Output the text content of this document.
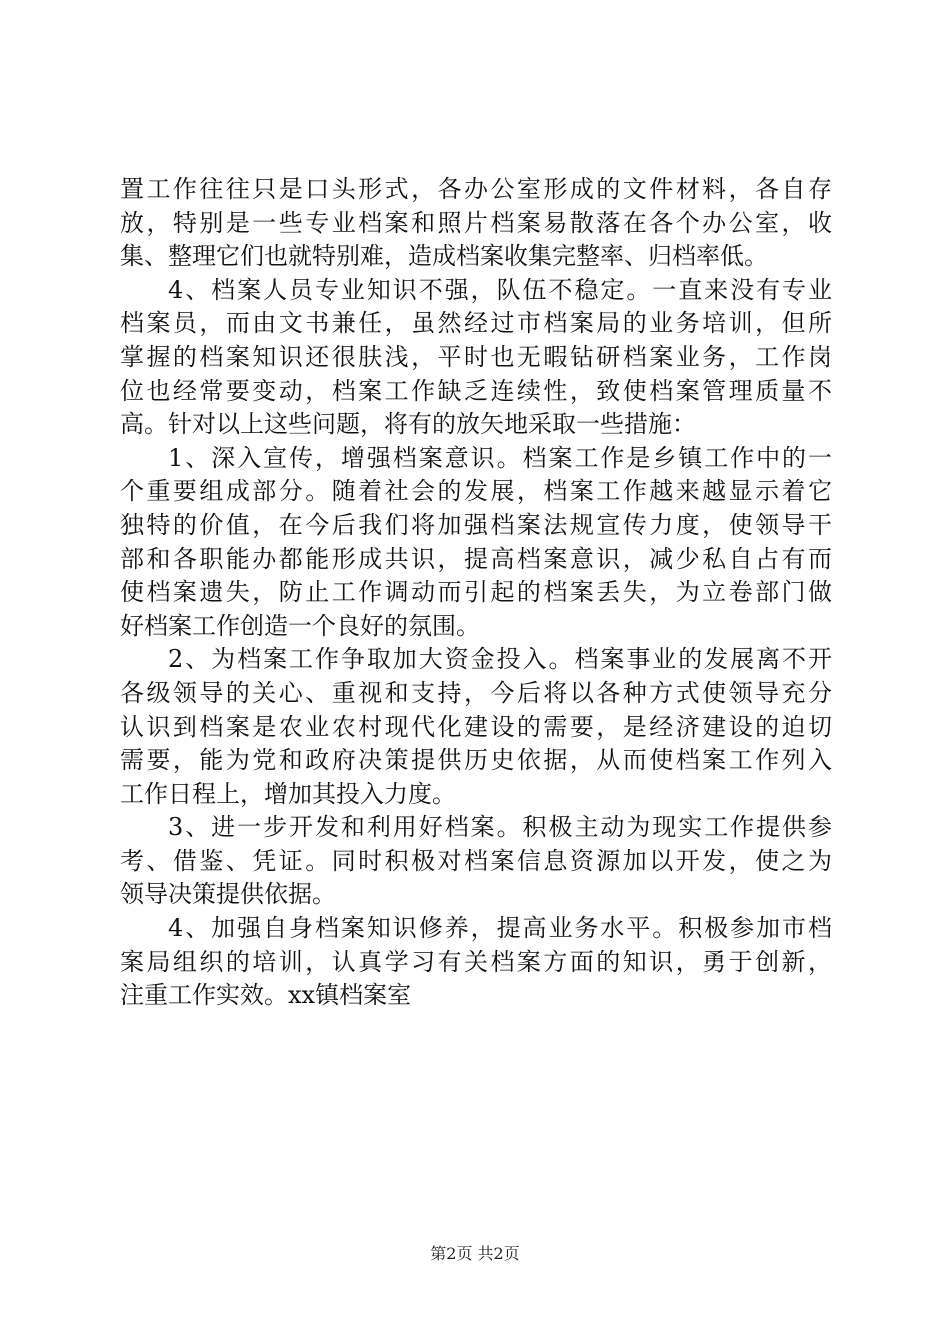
置工作往往只是口头形式，各办公室形成的文件材料，各自存
放，特别是一些专业档案和照片档案易散落在各个办公室，收
集、整理它们也就特别难，造成档案收集完整率、归档率低。
4、档案人员专业知识不强，队伍不稳定。一直来没有专业
档案员，而由文书兼任，虽然经过市档案局的业务培训，但所
掌握的档案知识还很肤浅，平时也无暇钻研档案业务，工作岗
位也经常要变动，档案工作缺乏连续性，致使档案管理质量不
高。针对以上这些问题，将有的放矢地采取一些措施：
1、深入宣传，增强档案意识。档案工作是乡镇工作中的一
个重要组成部分。随着社会的发展，档案工作越来越显示着它
独特的价值，在今后我们将加强档案法规宣传力度，使领导干
部和各职能办都能形成共识，提高档案意识，减少私自占有而
使档案遗失，防止工作调动而引起的档案丢失，为立卷部门做
好档案工作创造一个良好的氛围。
2、为档案工作争取加大资金投入。档案事业的发展离不开
各级领导的关心、重视和支持，今后将以各种方式使领导充分
认识到档案是农业农村现代化建设的需要，是经济建设的迫切
需要，能为党和政府决策提供历史依据，从而使档案工作列入
工作日程上，增加其投入力度。
3、进一步开发和利用好档案。积极主动为现实工作提供参
考、借鉴、凭证。同时积极对档案信息资源加以开发，使之为
领导决策提供依据。
4、加强自身档案知识修养，提高业务水平。积极参加市档
案局组织的培训，认真学习有关档案方面的知识，勇于创新，
注重工作实效。xx镇档案室
第2页 共2页
